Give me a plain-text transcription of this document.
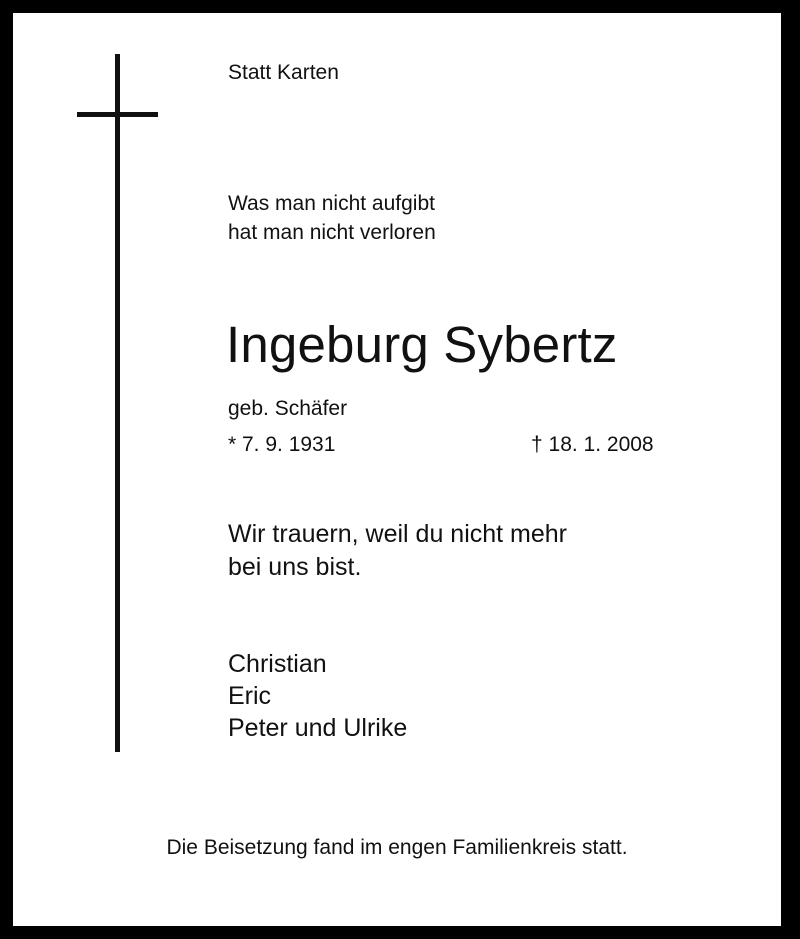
Statt Karten

Was man nicht aufgibt
hat man nicht verloren

Ingeburg Sybertz

geb. Schäfer

* 7. 9. 1931	† 18. 1. 2008

Wir trauern, weil du nicht mehr
bei uns bist.

Christian
Eric
Peter und Ulrike

Die Beisetzung fand im engen Familienkreis statt.
